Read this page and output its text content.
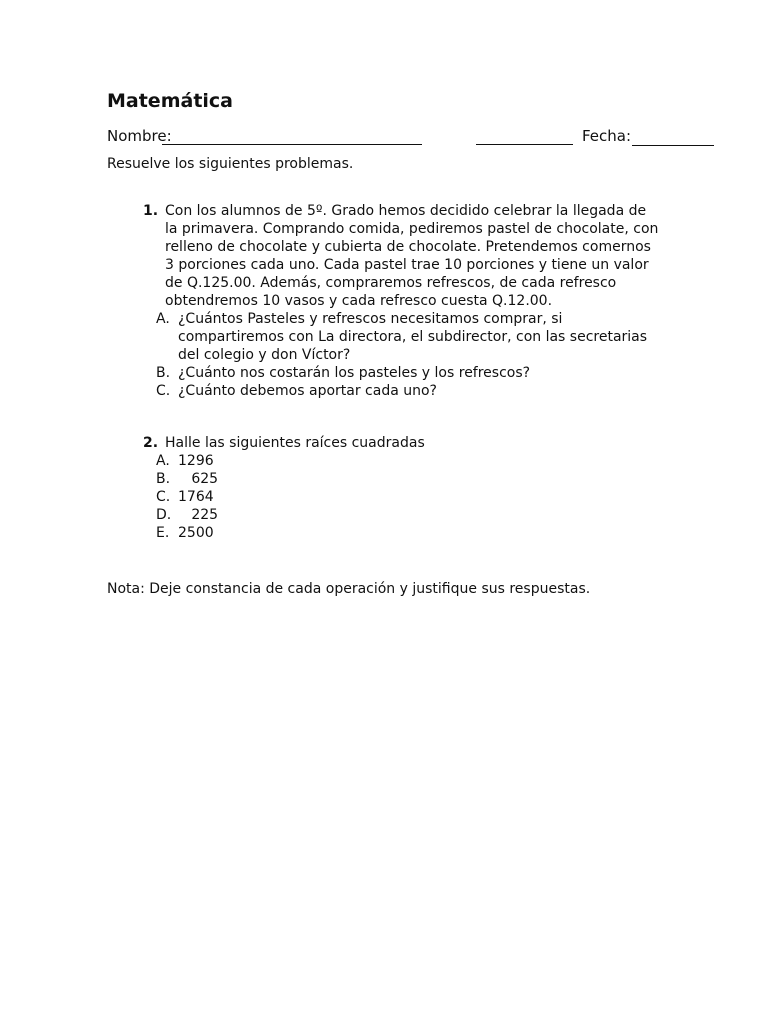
Matemática
Nombre:	Fecha:
Resuelve los siguientes problemas.
1. Con los alumnos de 5º. Grado hemos decidido celebrar la llegada de la primavera. Comprando comida, pediremos pastel de chocolate, con relleno de chocolate y cubierta de chocolate. Pretendemos comernos 3 porciones cada uno. Cada pastel trae 10 porciones y tiene un valor de Q.125.00. Además, compraremos refrescos, de cada refresco obtendremos 10 vasos y cada refresco cuesta Q.12.00.
A. ¿Cuántos Pasteles y refrescos necesitamos comprar, si compartiremos con La directora, el subdirector, con las secretarias del colegio y don Víctor?
B. ¿Cuánto nos costarán los pasteles y los refrescos?
C. ¿Cuánto debemos aportar cada uno?
2. Halle las siguientes raíces cuadradas
A. 1296
B. 625
C. 1764
D. 225
E. 2500
Nota: Deje constancia de cada operación y justifique sus respuestas.
